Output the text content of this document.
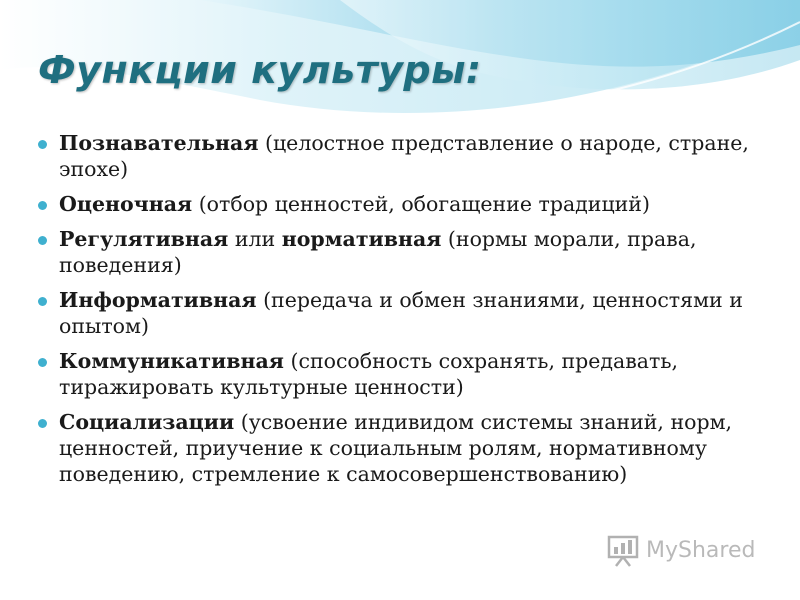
Функции культуры:
Познавательная (целостное представление о народе, стране, эпохе)
Оценочная (отбор ценностей, обогащение традиций)
Регулятивная или нормативная (нормы морали, права, поведения)
Информативная (передача и обмен знаниями, ценностями и опытом)
Коммуникативная (способность сохранять, предавать, тиражировать культурные ценности)
Социализации (усвоение индивидом системы знаний, норм, ценностей, приучение к социальным ролям, нормативному поведению, стремление к самосовершенствованию)
MyShared
